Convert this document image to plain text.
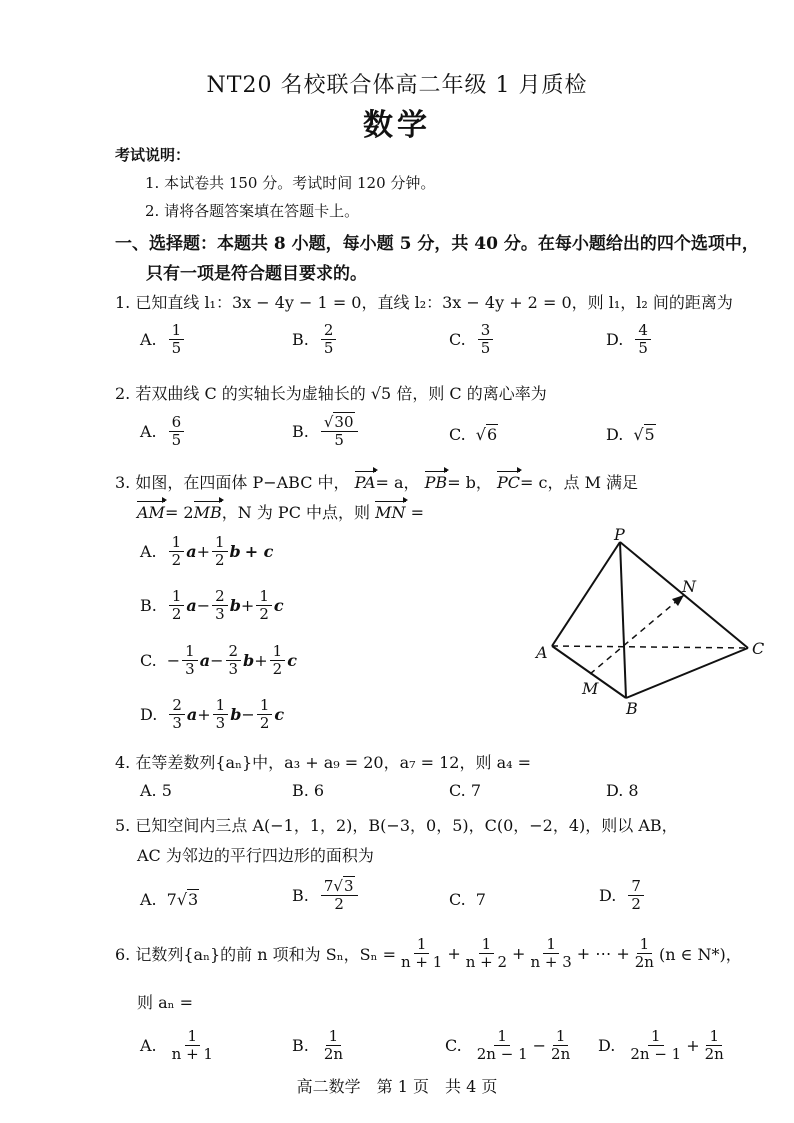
NT20 名校联合体高二年级 1 月质检
数学
考试说明：
1. 本试卷共 150 分。考试时间 120 分钟。
2. 请将各题答案填在答题卡上。
一、选择题：本题共 8 小题，每小题 5 分，共 40 分。在每小题给出的四个选项中，
只有一项是符合题目要求的。
1. 已知直线 l₁：3x − 4y − 1 = 0，直线 l₂：3x − 4y + 2 = 0，则 l₁，l₂ 间的距离为
A. $\frac{1}{5}$	B. $\frac{2}{5}$	C. $\frac{3}{5}$	D. $\frac{4}{5}$
2. 若双曲线 C 的实轴长为虚轴长的 √5 倍，则 C 的离心率为
A. $\frac{6}{5}$	B. $\frac{√30}{5}$	C. √6	D. √5
3. 如图，在四面体 P−ABC 中， PA= a， PB= b， PC= c，点 M 满足
AM= 2MB，N 为 PC 中点，则 MN =
A. $\frac{1}{2}$ $a + \frac{1}{2}$ b + c
B. $\frac{1}{2}$ $a - \frac{2}{3}$ $b + \frac{1}{2}$ c
C. − $\frac{1}{3}$ $a - \frac{2}{3}$ $b + \frac{1}{2}$ c
D. $\frac{2}{3}$ $a + \frac{1}{3}$ $b - \frac{1}{2}$ c
P
N
A	C
M
B
4. 在等差数列{aₙ}中，a₃ + a₉ = 20，a₇ = 12，则 a₄ =
A. 5	B. 6	C. 7	D. 8
5. 已知空间内三点 A(−1，1，2)，B(−3，0，5)，C(0，−2，4)，则以 AB，
AC 为邻边的平行四边形的面积为
A. 7 √3	B. $\frac{7√3}{2}$	C. 7	D. $\frac{7}{2}$
6. 记数列{aₙ}的前 n 项和为 Sₙ，$S_n = \frac{1}{n + 1} + \frac{1}{n + 2} + \frac{1}{n + 3}$ + ⋯ + $\frac{1}{2n} (n$ ∈ N*)，
则 aₙ =
A. $\frac{1}{n + 1}$	B. $\frac{1}{2n}$	C. $\frac{1}{2n - 1} - \frac{1}{2n} D$. $\frac{1}{2n - 1} + \frac{1}{2n}$
高二数学　第 1 页　共 4 页
